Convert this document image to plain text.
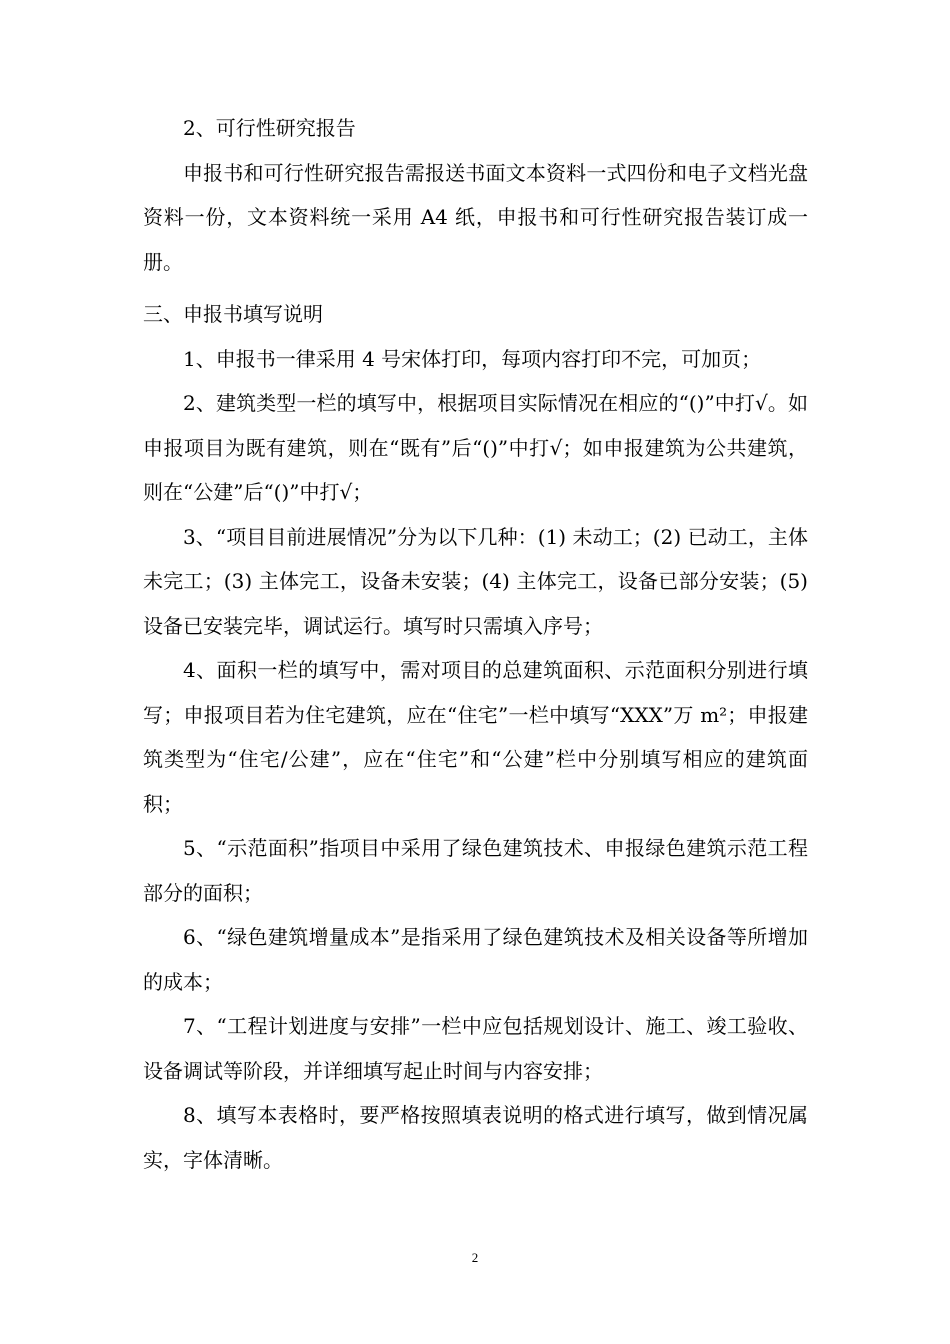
2、可行性研究报告

申报书和可行性研究报告需报送书面文本资料一式四份和电子文档光盘资料一份，文本资料统一采用 A4 纸，申报书和可行性研究报告装订成一册。

三、申报书填写说明

1、申报书一律采用 4 号宋体打印，每项内容打印不完，可加页；

2、建筑类型一栏的填写中，根据项目实际情况在相应的“()”中打√。如申报项目为既有建筑，则在“既有”后“()”中打√；如申报建筑为公共建筑，则在“公建”后“()”中打√；

3、“项目目前进展情况”分为以下几种：(1) 未动工；(2) 已动工，主体未完工；(3) 主体完工，设备未安装；(4) 主体完工，设备已部分安装；(5) 设备已安装完毕，调试运行。填写时只需填入序号；

4、面积一栏的填写中，需对项目的总建筑面积、示范面积分别进行填写；申报项目若为住宅建筑，应在“住宅”一栏中填写“XXX”万 m²；申报建筑类型为“住宅/公建”，应在“住宅”和“公建”栏中分别填写相应的建筑面积；

5、“示范面积”指项目中采用了绿色建筑技术、申报绿色建筑示范工程部分的面积；

6、“绿色建筑增量成本”是指采用了绿色建筑技术及相关设备等所增加的成本；

7、“工程计划进度与安排”一栏中应包括规划设计、施工、竣工验收、设备调试等阶段，并详细填写起止时间与内容安排；

8、填写本表格时，要严格按照填表说明的格式进行填写，做到情况属实，字体清晰。

2
